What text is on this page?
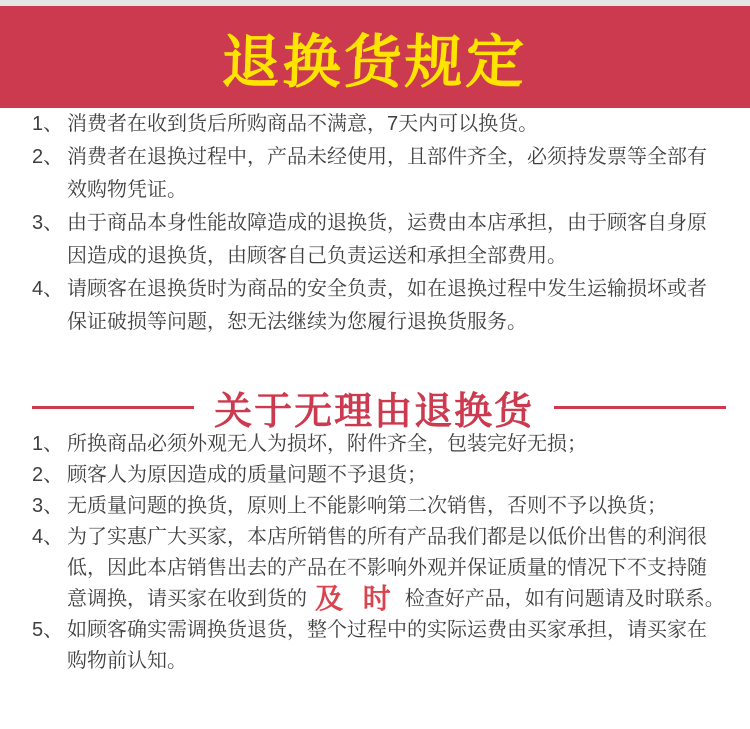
退换货规定
1、 消费者在收到货后所购商品不满意，7天内可以换货。
2、 消费者在退换过程中，产品未经使用，且部件齐全，必须持发票等全部有效购物凭证。
3、 由于商品本身性能故障造成的退换货，运费由本店承担，由于顾客自身原因造成的退换货，由顾客自己负责运送和承担全部费用。
4、 请顾客在退换货时为商品的安全负责，如在退换过程中发生运输损坏或者保证破损等问题，恕无法继续为您履行退换货服务。
关于无理由退换货
1、 所换商品必须外观无人为损坏，附件齐全，包装完好无损；
2、 顾客人为原因造成的质量问题不予退货；
3、 无质量问题的换货，原则上不能影响第二次销售，否则不予以换货；
4、 为了实惠广大买家，本店所销售的所有产品我们都是以低价出售的利润很低，因此本店销售出去的产品在不影响外观并保证质量的情况下不支持随意调换，请买家在收到货的 及 时 检查好产品，如有问题请及时联系。
5、 如顾客确实需调换货退货，整个过程中的实际运费由买家承担，请买家在购物前认知。
